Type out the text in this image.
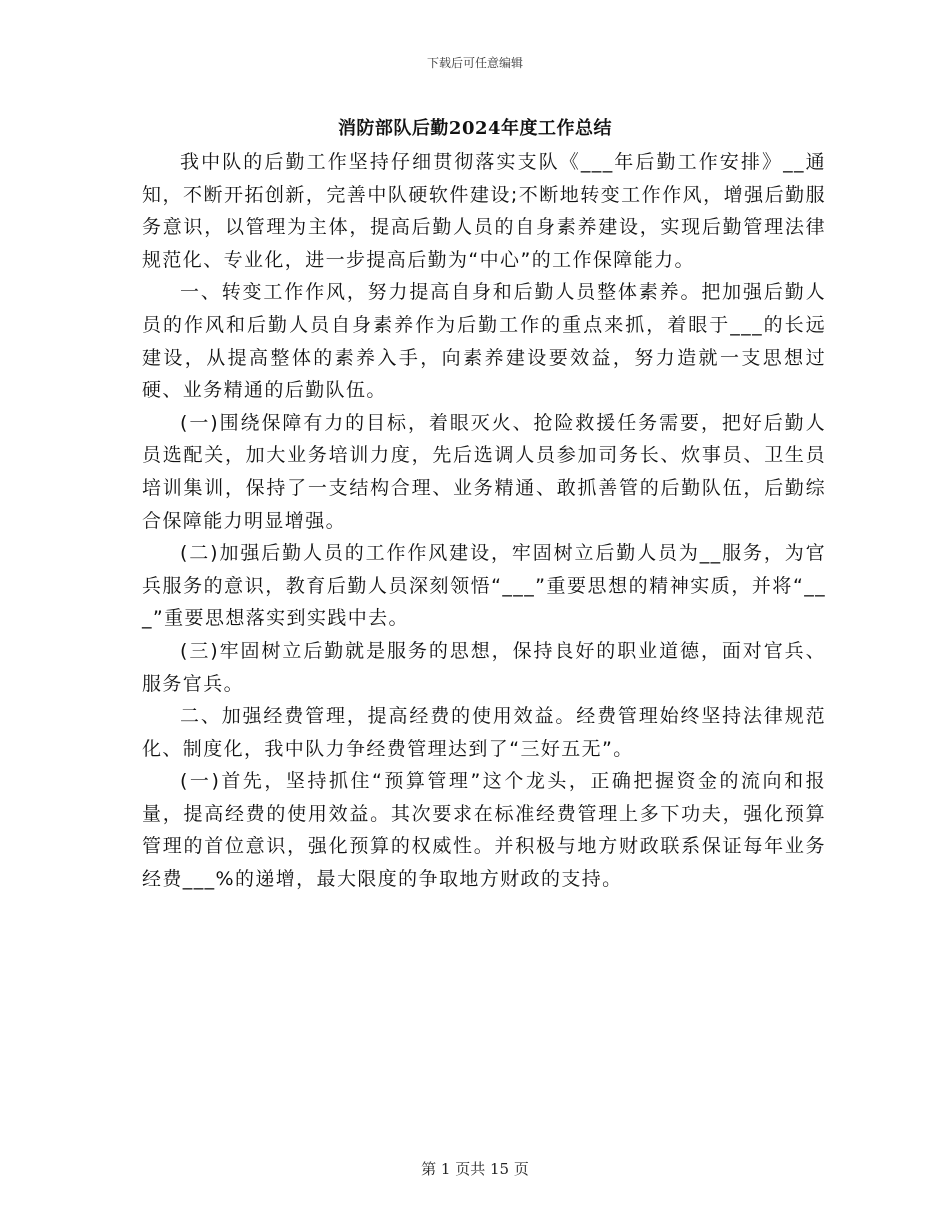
下载后可任意编辑
消防部队后勤2024年度工作总结

我中队的后勤工作坚持仔细贯彻落实支队《___年后勤工作安排》__通知，不断开拓创新，完善中队硬软件建设;不断地转变工作作风，增强后勤服务意识，以管理为主体，提高后勤人员的自身素养建设，实现后勤管理法律规范化、专业化，进一步提高后勤为“中心”的工作保障能力。

一、转变工作作风，努力提高自身和后勤人员整体素养。把加强后勤人员的作风和后勤人员自身素养作为后勤工作的重点来抓，着眼于___的长远建设，从提高整体的素养入手，向素养建设要效益，努力造就一支思想过硬、业务精通的后勤队伍。

(一)围绕保障有力的目标，着眼灭火、抢险救援任务需要，把好后勤人员选配关，加大业务培训力度，先后选调人员参加司务长、炊事员、卫生员培训集训，保持了一支结构合理、业务精通、敢抓善管的后勤队伍，后勤综合保障能力明显增强。

(二)加强后勤人员的工作作风建设，牢固树立后勤人员为__服务，为官兵服务的意识，教育后勤人员深刻领悟“___”重要思想的精神实质，并将“___”重要思想落实到实践中去。

(三)牢固树立后勤就是服务的思想，保持良好的职业道德，面对官兵、服务官兵。

二、加强经费管理，提高经费的使用效益。经费管理始终坚持法律规范化、制度化，我中队力争经费管理达到了“三好五无”。

(一)首先，坚持抓住“预算管理”这个龙头，正确把握资金的流向和报量，提高经费的使用效益。其次要求在标准经费管理上多下功夫，强化预算管理的首位意识，强化预算的权威性。并积极与地方财政联系保证每年业务经费___%的递增，最大限度的争取地方财政的支持。

第 1 页共 15 页
